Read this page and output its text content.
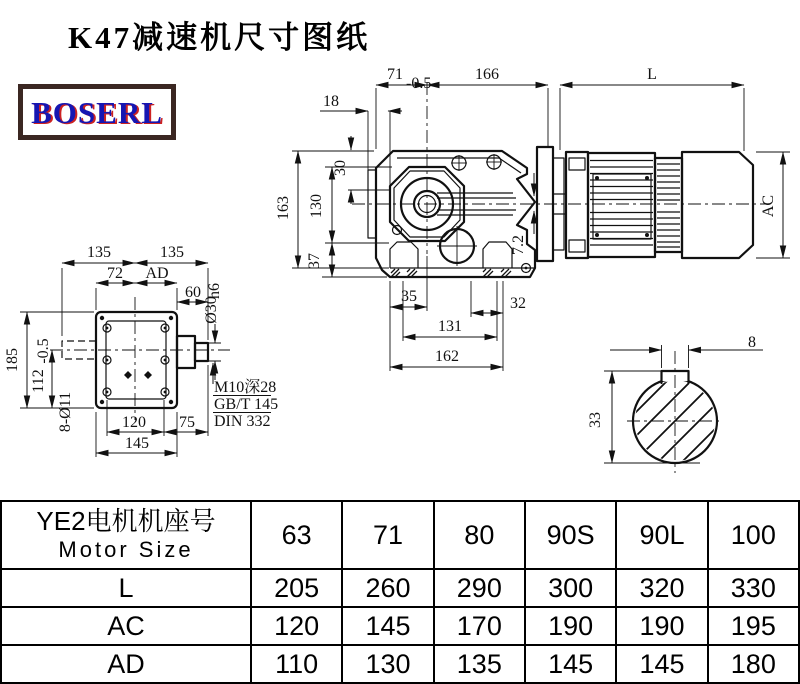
K47减速机尺寸图纸
BOSERL	18
71
-0.5
166	L
30
163 130
37
35	32
131
162
7.2
AC
135	135
72 AD
60
185
112
-0.5
8-Ø11
Ø30
h6
120 75
145
M10深28
GB/T 145
DIN 332
8
33
YE2电机机座号
Motor Size	63	71	80	90S	90L	100
L	205	260	290	300	320	330
AC	120	145	170	190	190	195
AD	110	130	135	145	145	180
